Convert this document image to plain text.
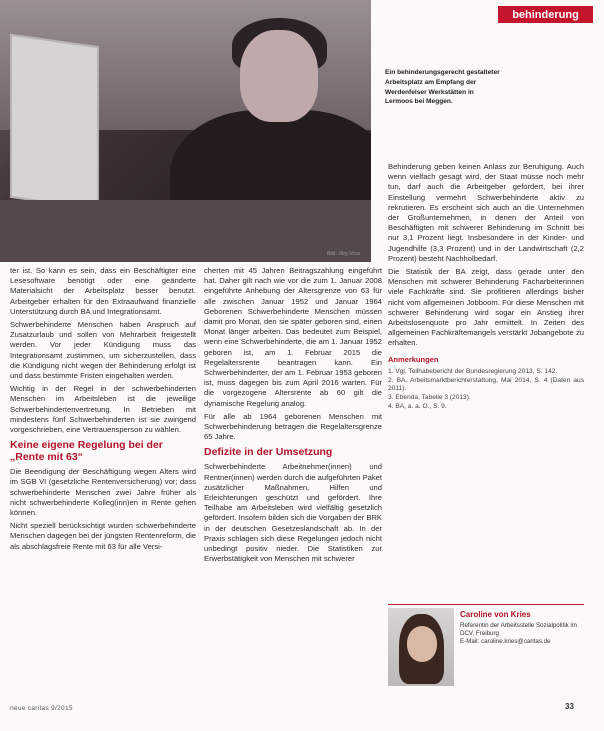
Bild: Jörg Voss
behinderung
Ein behinderungsgerecht gestalteter Arbeitsplatz am Empfang der Werdenfelser Werkstätten in Lermoos bei Meggen.

ter ist. So kann es sein, dass ein Beschäftigter eine Lesesoftware benötigt oder eine geänderte Materialsicht der Arbeitsplatz besser benutzt. Arbeitgeber erhalten für den Extraaufwand finanzielle Unterstützung durch BA und Integrationsamt.

Schwerbehinderte Menschen haben Anspruch auf Zusatzurlaub und sollen von Mehrarbeit freigestellt werden. Vor jeder Kündigung muss das Integrationsamt zustimmen, um sicherzustellen, dass die Kündigung nicht wegen der Behinderung erfolgt ist und dass bestimmte Fristen eingehalten werden.

Wichtig in der Regel in der schwerbehinderten Menschen im Arbeitsleben ist die jeweilige Schwerbehindertenvertretung. In Betrieben mit mindestens fünf Schwerbehinderten ist sie zwingend vorgeschrieben, eine Vertrauensperson zu wählen.

Keine eigene Regelung bei der „Rente mit 63“

Die Beendigung der Beschäftigung wegen Alters wird im SGB VI (gesetzliche Rentenversicherung) vor; dass schwerbehinderte Menschen zwei Jahre früher als nicht schwerbehinderte Kolleg(inn)en in Rente gehen können.

Nicht speziell berücksichtigt wurden schwerbehinderte Menschen dagegen bei der jüngsten Rentenreform, die als abschlagsfreie Rente mit 63 für alle Versi-

cherten mit 45 Jahren Beitragszahlung eingeführt hat. Daher gilt nach wie vor die zum 1. Januar 2008 eingeführte Anhebung der Altersgrenze von 63 für alle zwischen Januar 1952 und Januar 1964 Geborenen Schwerbehinderte Menschen müssen damit pro Monat, den sie später geboren sind, einen Monat länger arbeiten. Das bedeutet zum Beispiel, wenn eine Schwerbehinderte, die am 1. Januar 1952 geboren ist, am 1. Februar 2015 die Regelaltersrente beantragen kann. Ein Schwerbehinderter, der am 1. Februar 1953 geboren ist, muss dagegen bis zum April 2016 warten. Für die vorgezogene Altersrente ab 60 gilt die dynamische Regelung analog.

Für alle ab 1964 geborenen Menschen mit Schwerbehinderung betragen die Regelaltersgrenze 65 Jahre.

Defizite in der Umsetzung

Schwerbehinderte Arbeitnehmer(innen) und Rentner(innen) werden durch die aufgeführten Paket zusätzlicher Maßnahmen, Hilfen und Erleichterungen geschützt und gefördert. Ihre Teilhabe am Arbeitsleben wird vielfältig gesetzlich gefördert. Insofern bilden sich die Vorgaben der BRK in der deutschen Gesetzeslandschaft ab. In der Praxis schlagen sich diese Regelungen jedoch nicht unbedingt positiv nieder. Die Statistiken zur Erwerbstätigkeit von Menschen mit schwerer

Behinderung geben keinen Anlass zur Beruhigung. Auch wenn vielfach gesagt wird, der Staat müsse noch mehr tun, darf auch die Arbeitgeber gefordert, bei ihrer Einstellung vermehrt Schwerbehinderte aktiv zu rekrutieren. Es erscheint sich auch an die Unternehmen der Großunternehmen, in denen der Anteil von Beschäftigten mit schwerer Behinderung im Schnitt bei nur 3,1 Prozent liegt. Insbesondere in der Kinder- und Jugendhilfe (3,3 Prozent) und in der Landwirtschaft (2,2 Prozent) besteht Nachholbedarf.

Die Statistik der BA zeigt, dass gerade unter den Menschen mit schwerer Behinderung Facharbeiterinnen viele Fachkräfte sind. Sie profitieren allerdings bisher nicht vom allgemeinen Jobboom. Für diese Menschen mit schwerer Behinderung wird sogar ein Anstieg ihrer Arbeitslosenquote pro Jahr ermittelt. In Zeiten des allgemeinen Fachkräftemangels verstärkt Jobangebote zu erhalten.

Anmerkungen
1. Vgl. Teilhabebericht der Bundesregierung 2013, S. 142.
2. BA, Arbeitsmarktberichterstattung, Mai 2014, S. 4 (Daten aus 2011).
3. Ebenda, Tabelle 3 (2013).
4. BA, a. a. O., S. 9.
Caroline von Kries
Referentin der Arbeitsstelle Sozialpolitik im DCV, Freiburg
E-Mail: caroline.kries@caritas.de
neue caritas 9/2015	33
